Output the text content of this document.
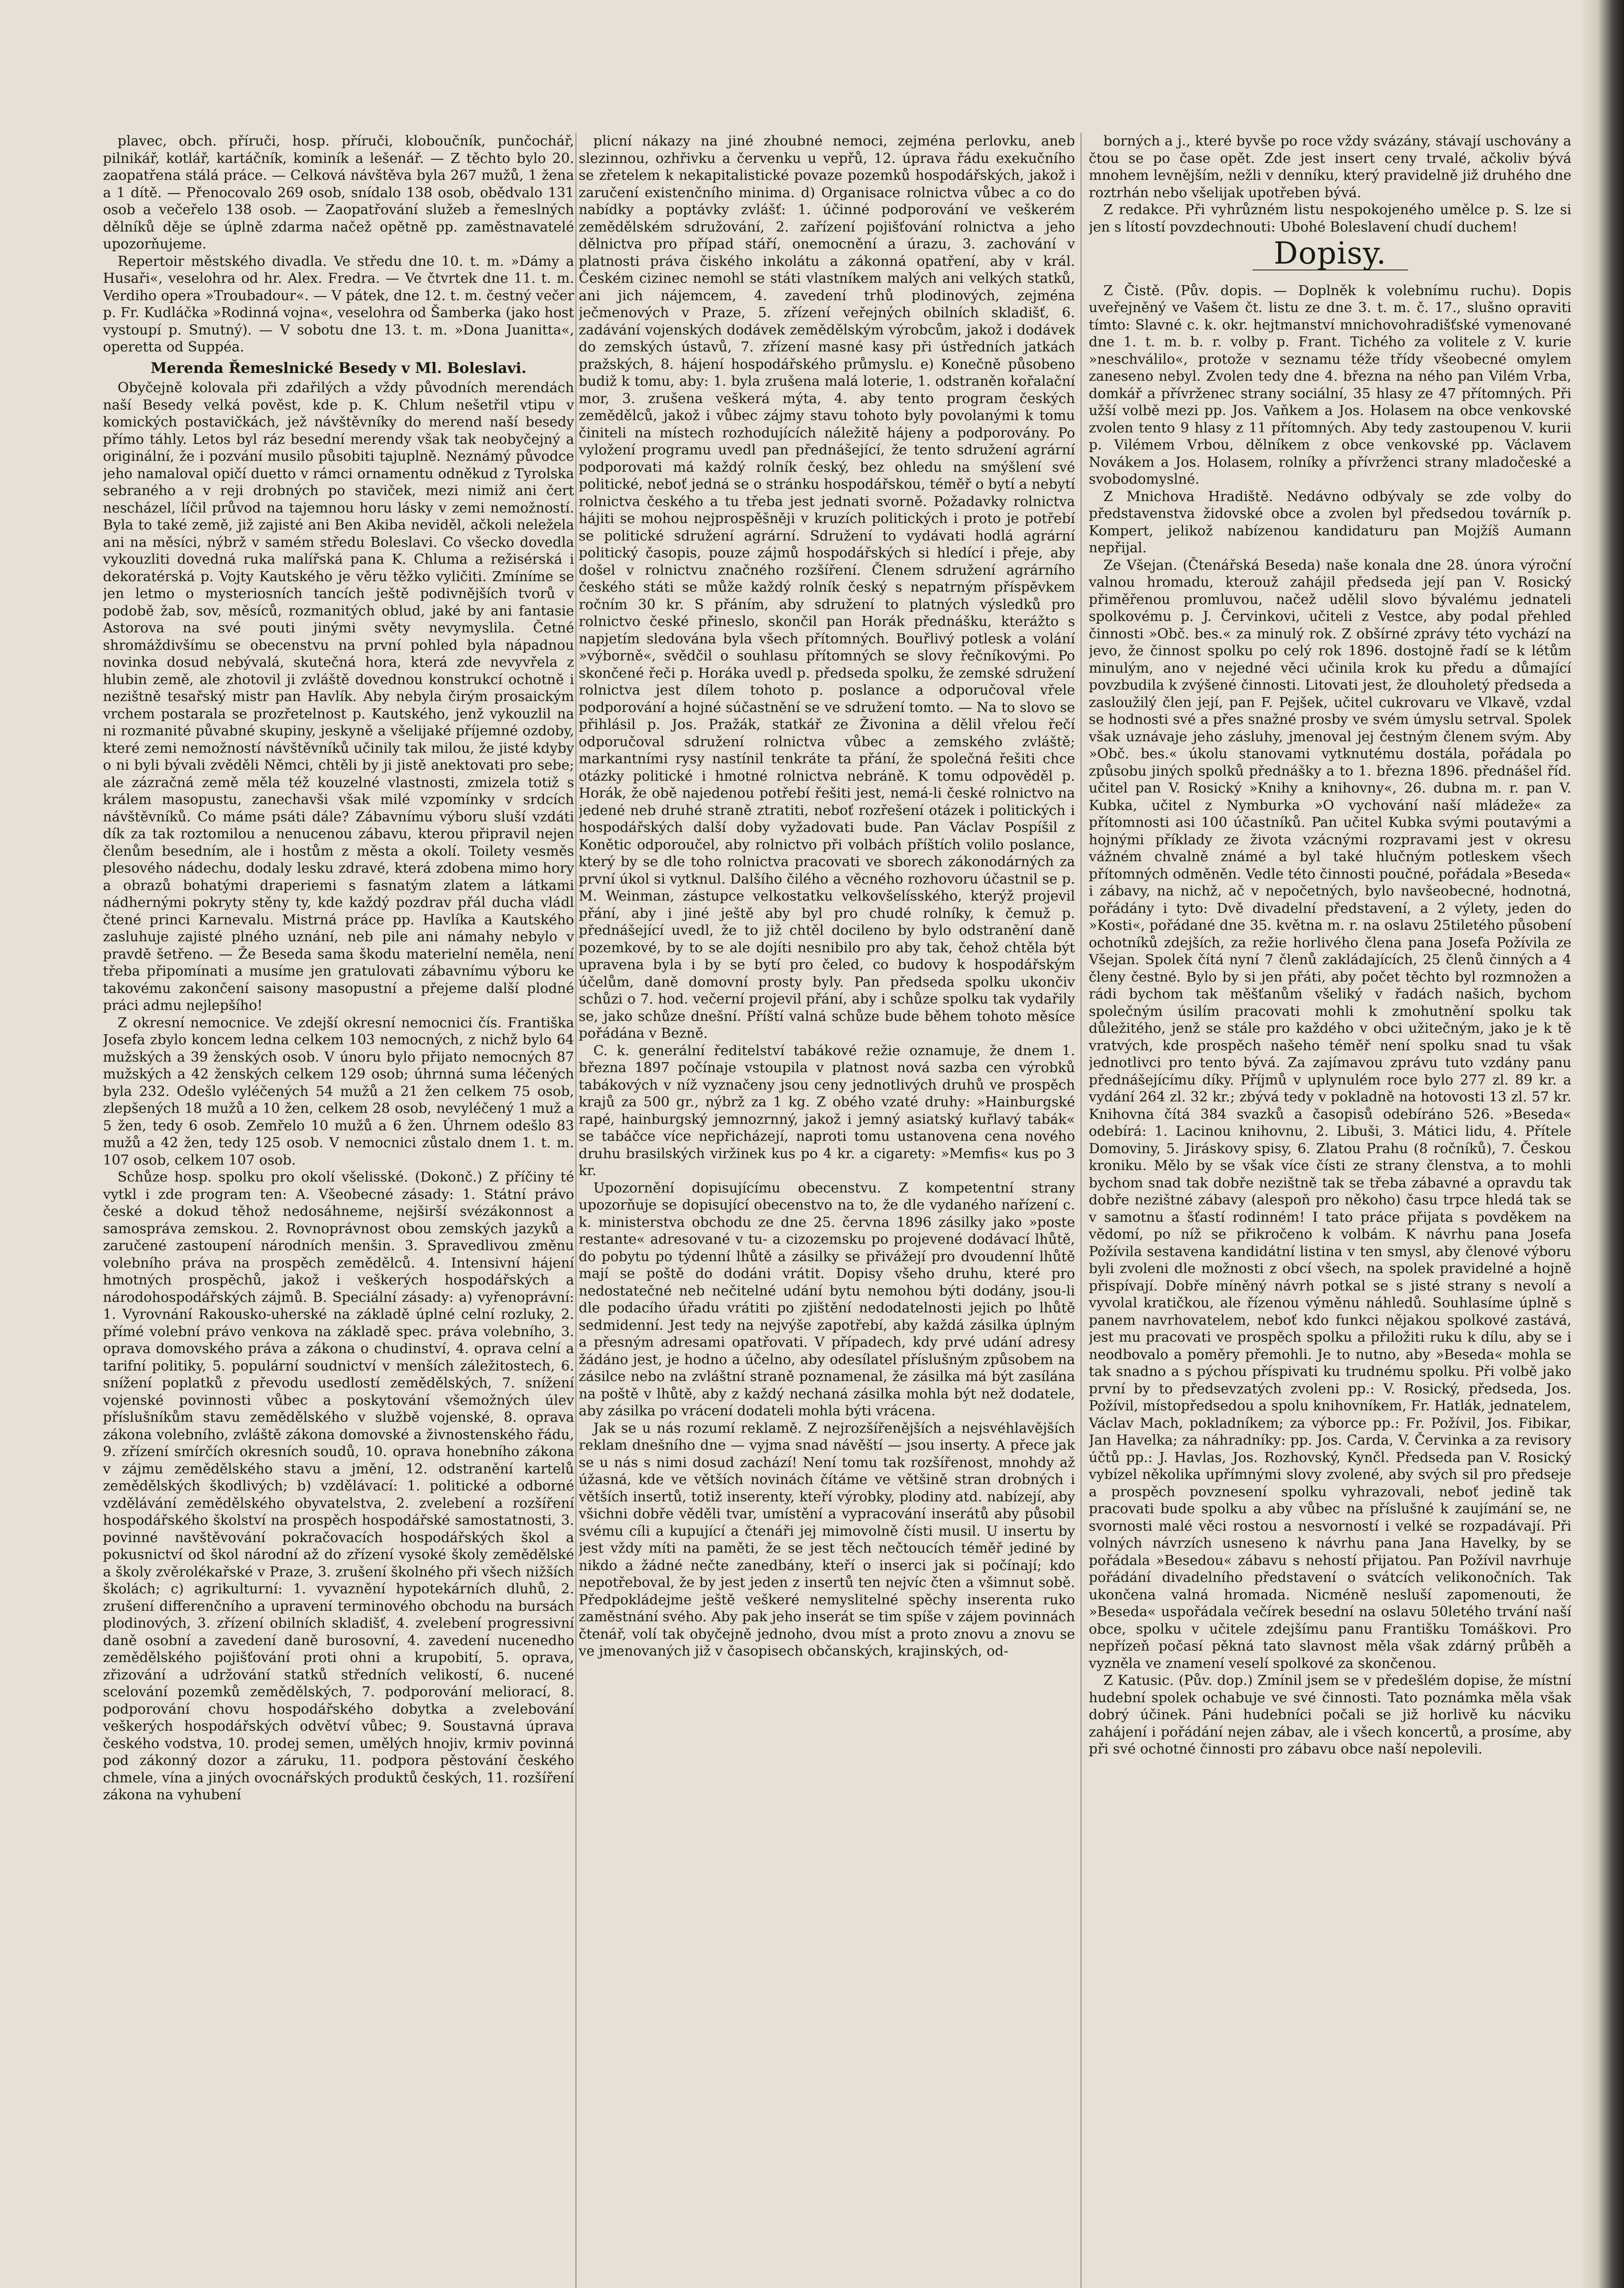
plavec, obch. příruči, hosp. příruči, kloboučník, punčochář, pilnikář, kotlář, kartáčník, kominík a lešenář. — Z těchto bylo 20. zaopatřena stálá práce. — Celková návštěva byla 267 mužů, 1 žena a 1 dítě. — Přenocovalo 269 osob, snídalo 138 osob, obědvalo 131 osob a večeřelo 138 osob. — Zaopatřování služeb a řemeslných dělníků děje se úplně zdarma načež opětně pp. zaměstnavatelé upozorňujeme.

Repertoir městského divadla. Ve středu dne 10. t. m. »Dámy a Husaři«, veselohra od hr. Alex. Fredra. — Ve čtvrtek dne 11. t. m. Verdiho opera »Troubadour«. — V pátek, dne 12. t. m. čestný večer p. Fr. Kudláčka »Rodinná vojna«, veselohra od Šamberka (jako host vystoupí p. Smutný). — V sobotu dne 13. t. m. »Dona Juanitta«, operetta od Suppéa.

Merenda Řemeslnické Besedy v Ml. Boleslavi.

Obyčejně kolovala při zdařilých a vždy původních merendách naší Besedy velká pověst, kde p. K. Chlum nešetřil vtipu v komických postavičkách, jež návštěvníky do merend naší besedy přímo táhly. Letos byl ráz besední merendy však tak neobyčejný a originální, že i pozvání musilo působiti tajuplně. Neznámý původce jeho namaloval opičí duetto v rámci ornamentu odněkud z Tyrolska sebraného a v reji drobných po staviček, mezi nimiž ani čert nescházel, líčil průvod na tajemnou horu lásky v zemi nemožností. Byla to také země, již zajisté ani Ben Akiba neviděl, ačkoli neležela ani na měsíci, nýbrž v samém středu Boleslavi. Co všecko dovedla vykouzliti dovedná ruka malířská pana K. Chluma a režisérská i dekoratérská p. Vojty Kautského je věru těžko vyličiti. Zmíníme se jen letmo o mysteriosních tancích ještě podivnějších tvorů v podobě žab, sov, měsíců, rozmanitých oblud, jaké by ani fantasie Astorova na své pouti jinými světy nevymyslila. Četné shromáždivšímu se obecenstvu na první pohled byla nápadnou novinka dosud nebývalá, skutečná hora, která zde nevyvřela z hlubin země, ale zhotovil ji zvláště dovednou konstrukcí ochotně i nezištně tesařský mistr pan Havlík. Aby nebyla čirým prosaickým vrchem postarala se prozřetelnost p. Kautského, jenž vykouzlil na ni rozmanité půvabné skupiny, jeskyně a všelijaké příjemné ozdoby, které zemi nemožností návštěvníků učinily tak milou, že jisté kdyby o ni byli bývali zvěděli Němci, chtěli by ji jistě anektovati pro sebe; ale zázračná země měla též kouzelné vlastnosti, zmizela totiž s králem masopustu, zanechavši však milé vzpomínky v srdcích návštěvníků. Co máme psáti dále? Zábavnímu výboru sluší vzdáti dík za tak roztomilou a nenucenou zábavu, kterou připravil nejen členům besedním, ale i hostům z města a okolí. Toilety vesměs plesového nádechu, dodaly lesku zdravé, která zdobena mimo hory a obrazů bohatými draperiemi s fasnatým zlatem a látkami nádhernými pokryty stěny ty, kde každý pozdrav přál ducha vládl čtené princi Karnevalu. Mistrná práce pp. Havlíka a Kautského zasluhuje zajisté plného uznání, neb pile ani námahy nebylo v pravdě šetřeno. — Že Beseda sama škodu materielní neměla, není třeba připomínati a musíme jen gratulovati zábavnímu výboru ke takovému zakončení saisony masopustní a přejeme další plodné práci admu nejlepšího!

Z okresní nemocnice. Ve zdejší okresní nemocnici čís. Františka Josefa zbylo koncem ledna celkem 103 nemocných, z nichž bylo 64 mužských a 39 ženských osob. V únoru bylo přijato nemocných 87 mužských a 42 ženských celkem 129 osob; úhrnná suma léčených byla 232. Odešlo vyléčených 54 mužů a 21 žen celkem 75 osob, zlepšených 18 mužů a 10 žen, celkem 28 osob, nevyléčený 1 muž a 5 žen, tedy 6 osob. Zemřelo 10 mužů a 6 žen. Úhrnem odešlo 83 mužů a 42 žen, tedy 125 osob. V nemocnici zůstalo dnem 1. t. m. 107 osob, celkem 107 osob.

Schůze hosp. spolku pro okolí všelisské. (Dokonč.) Z příčiny té vytkl i zde program ten: A. Všeobecné zásady: 1. Státní právo české a dokud těhož nedosáhneme, nejširší svézákonnost a samospráva zemskou. 2. Rovnoprávnost obou zemských jazyků a zaručené zastoupení národních menšin. 3. Spravedlivou změnu volebního práva na prospěch zemědělců. 4. Intensivní hájení hmotných prospěchů, jakož i veškerých hospodářských a národohospodářských zájmů. B. Speciální zásady: a) vyřenoprávní: 1. Vyrovnání Rakousko-uherské na základě úplné celní rozluky, 2. přímé volební právo venkova na základě spec. práva volebního, 3. oprava domovského práva a zákona o chudinství, 4. oprava celní a tarifní politiky, 5. populární soudnictví v menších záležitostech, 6. snížení poplatků z převodu usedlostí zemědělských, 7. snížení vojenské povinnosti vůbec a poskytování všemožných úlev příslušníkům stavu zemědělského v službě vojenské, 8. oprava zákona volebního, zvláště zákona domovské a živnostenského řádu, 9. zřízení smírčích okresních soudů, 10. oprava honebního zákona v zájmu zemědělského stavu a jmění, 12. odstranění kartelů zemědělských škodlivých; b) vzdělávací: 1. politické a odborné vzdělávání zemědělského obyvatelstva, 2. zvelebení a rozšíření hospodářského školství na prospěch hospodářské samostatnosti, 3. povinné navštěvování pokračovacích hospodářských škol a pokusnictví od škol národní až do zřízení vysoké školy zemědělské a školy zvěrolékařské v Praze, 3. zrušení školného při všech nižších školách; c) agrikulturní: 1. vyvaznění hypotekárních dluhů, 2. zrušení differenčního a upravení terminového obchodu na bursách plodinových, 3. zřízení obilních skladišť, 4. zvelebení progressivní daně osobní a zavedení daně burosovní, 4. zavedení nucenedho zemědělského pojišťování proti ohni a krupobití, 5. oprava, zřizování a udržování statků středních velikostí, 6. nucené scelování pozemků zemědělských, 7. podporování meliorací, 8. podporování chovu hospodářského dobytka a zvelebování veškerých hospodářských odvětví vůbec; 9. Soustavná úprava českého vodstva, 10. prodej semen, umělých hnojiv, krmiv povinná pod zákonný dozor a záruku, 11. podpora pěstování českého chmele, vína a jiných ovocnářských produktů českých, 11. rozšíření zákona na vyhubení

plicní nákazy na jiné zhoubné nemoci, zejména perlovku, aneb slezinnou, ozhřivku a červenku u vepřů, 12. úprava řádu exekučního se zřetelem k nekapitalistické povaze pozemků hospodářských, jakož i zaručení existenčního minima. d) Organisace rolnictva vůbec a co do nabídky a poptávky zvlášť: 1. účinné podporování ve veškerém zemědělském sdružování, 2. zařízení pojišťování rolnictva a jeho dělnictva pro případ stáří, onemocnění a úrazu, 3. zachování v platnosti práva čiského inkolátu a zákonná opatření, aby v král. Českém cizinec nemohl se státi vlastníkem malých ani velkých statků, ani jich nájemcem, 4. zavedení trhů plodinových, zejména ječmenových v Praze, 5. zřízení veřejných obilních skladišť, 6. zadávání vojenských dodávek zemědělským výrobcům, jakož i dodávek do zemských ústavů, 7. zřízení masné kasy při ústředních jatkách pražských, 8. hájení hospodářského průmyslu. e) Konečně působeno budiž k tomu, aby: 1. byla zrušena malá loterie, 1. odstraněn kořalační mor, 3. zrušena veškerá mýta, 4. aby tento program českých zemědělců, jakož i vůbec zájmy stavu tohoto byly povolanými k tomu činiteli na místech rozhodujících náležitě hájeny a podporovány. Po vyložení programu uvedl pan přednášející, že tento sdružení agrární podporovati má každý rolník český, bez ohledu na smýšlení své politické, neboť jedná se o stránku hospodářskou, téměř o bytí a nebytí rolnictva českého a tu třeba jest jednati svorně. Požadavky rolnictva hájiti se mohou nejprospěšněji v kruzích politických i proto je potřebí se politické sdružení agrární. Sdružení to vydávati hodlá agrární politický časopis, pouze zájmů hospodářských si hledící i přeje, aby došel v rolnictvu značného rozšíření. Členem sdružení agrárního českého státi se může každý rolník český s nepatrným příspěvkem ročním 30 kr. S přáním, aby sdružení to platných výsledků pro rolnictvo české přineslo, skončil pan Horák přednášku, kterážto s napjetím sledována byla všech přítomných. Bouřlivý potlesk a volání »výborně«, svědčil o souhlasu přítomných se slovy řečníkovými. Po skončené řeči p. Horáka uvedl p. předseda spolku, že zemské sdružení rolnictva jest dílem tohoto p. poslance a odporučoval vřele podporování a hojné súčastnění se ve sdružení tomto. — Na to slovo se přihlásil p. Jos. Pražák, statkář ze Živonina a dělil vřelou řečí odporučoval sdružení rolnictva vůbec a zemského zvláště; markantními rysy nastínil tenkráte ta přání, že společná řešiti chce otázky politické i hmotné rolnictva nebráně. K tomu odpověděl p. Horák, že obě najedenou potřebí řešiti jest, nemá-li české rolnictvo na jedené neb druhé straně ztratiti, neboť rozřešení otázek i politických i hospodářských další doby vyžadovati bude. Pan Václav Pospíšil z Konětic odporoučel, aby rolnictvo při volbách příštích volilo poslance, který by se dle toho rolnictva pracovati ve sborech zákonodárných za první úkol si vytknul. Dalšího čilého a věcného rozhovoru účastnil se p. M. Weinman, zástupce velkostatku velkovšelísského, kterýž projevil přání, aby i jiné ještě aby byl pro chudé rolníky, k čemuž p. přednášející uvedl, že to již chtěl docileno by bylo odstranění daně pozemkové, by to se ale dojíti nesnibilo pro aby tak, čehož chtěla být upravena byla i by se bytí pro čeled, co budovy k hospodářským účelům, daně domovní prosty byly. Pan předseda spolku ukončiv schůzi o 7. hod. večerní projevil přání, aby i schůze spolku tak vydařily se, jako schůze dnešní. Příští valná schůze bude během tohoto měsíce pořádána v Bezně.

C. k. generální ředitelství tabákové režie oznamuje, že dnem 1. března 1897 počínaje vstoupila v platnost nová sazba cen výrobků tabákových v níž vyznačeny jsou ceny jednotlivých druhů ve prospěch krajů za 500 gr., nýbrž za 1 kg. Z obého vzaté druhy: »Hainburgské rapé, hainburgský jemnozrnný, jakož i jemný asiatský kuřlavý tabák« se tabáčce více nepřicházejí, naproti tomu ustanovena cena nového druhu brasilských viržinek kus po 4 kr. a cigarety: »Memfis« kus po 3 kr.

Upozornění dopisujícímu obecenstvu. Z kompetentní strany upozorňuje se dopisující obecenstvo na to, že dle vydaného nařízení c. k. ministerstva obchodu ze dne 25. června 1896 zásilky jako »poste restante« adresované v tu- a cizozemsku po projevené dodávací lhůtě, do pobytu po týdenní lhůtě a zásilky se přivážejí pro dvoudenní lhůtě mají se poště do dodáni vrátit. Dopisy všeho druhu, které pro nedostatečné neb nečitelné udání bytu nemohou býti dodány, jsou-li dle podacího úřadu vrátiti po zjištění nedodatelnosti jejich po lhůtě sedmidenní. Jest tedy na nejvýše zapotřebí, aby každá zásilka úplným a přesným adresami opatřovati. V případech, kdy prvé udání adresy žádáno jest, je hodno a účelno, aby odesílatel příslušným způsobem na zásilce nebo na zvláštní straně poznamenal, že zásilka má být zasílána na poště v lhůtě, aby z každý nechaná zásilka mohla být než dodatele, aby zásilka po vrácení dodateli mohla býti vrácena.

Jak se u nás rozumí reklamě. Z nejrozšířenějších a nejsvéhlavějších reklam dnešního dne — vyjma snad návěští — jsou inserty. A přece jak se u nás s nimi dosud zachází! Není tomu tak rozšířenost, mnohdy až úžasná, kde ve větších novinách čítáme ve většině stran drobných i větších insertů, totiž inserenty, kteří výrobky, plodiny atd. nabízejí, aby všichni dobře věděli tvar, umístění a vypracování inserátů aby působil svému cíli a kupující a čtenáři jej mimovolně čísti musil. U insertu by jest vždy míti na paměti, že se jest těch nečtoucích téměř jediné by nikdo a žádné nečte zanedbány, kteří o inserci jak si počínají; kdo nepotřeboval, že by jest jeden z insertů ten nejvíc čten a všimnut sobě. Předpokládejme ještě veškeré nemyslitelné spěchy inserenta ruko zaměstnání svého. Aby pak jeho inserát se tim spíše v zájem povinnách čtenář, volí tak obyčejně jednoho, dvou míst a proto znovu a znovu se ve jmenovaných již v časopisech občanských, krajinských, od-

borných a j., které byvše po roce vždy svázány, stávají uschovány a čtou se po čase opět. Zde jest insert ceny trvalé, ačkoliv bývá mnohem levnějším, nežli v denníku, který pravidelně již druhého dne roztrhán nebo všelijak upotřeben bývá.

Z redakce. Při vyhrůzném listu nespokojeného umělce p. S. lze si jen s lítostí povzdechnouti: Ubohé Boleslavení chudí duchem!

Dopisy.

Z Čistě. (Pův. dopis. — Doplněk k volebnímu ruchu). Dopis uveřejněný ve Vašem čt. listu ze dne 3. t. m. č. 17., slušno opraviti tímto: Slavné c. k. okr. hejtmanství mnichovohradišťské vymenované dne 1. t. m. b. r. volby p. Frant. Tichého za volitele z V. kurie »neschválilo«, protože v seznamu téže třídy všeobecné omylem zaneseno nebyl. Zvolen tedy dne 4. března na ného pan Vilém Vrba, domkář a přívrženec strany sociální, 35 hlasy ze 47 přítomných. Při užší volbě mezi pp. Jos. Vaňkem a Jos. Holasem na obce venkovské zvolen tento 9 hlasy z 11 přítomných. Aby tedy zastoupenou V. kurii p. Vilémem Vrbou, dělníkem z obce venkovské pp. Václavem Novákem a Jos. Holasem, rolníky a přívrženci strany mladočeské a svobodomyslné.

Z Mnichova Hradiště. Nedávno odbývaly se zde volby do představenstva židovské obce a zvolen byl předsedou továrník p. Kompert, jelikož nabízenou kandidaturu pan Mojžíš Aumann nepřijal.

Ze Všejan. (Čtenářská Beseda) naše konala dne 28. února výroční valnou hromadu, kterouž zahájil předseda její pan V. Rosický přiměřenou promluvou, načež udělil slovo bývalému jednateli spolkovému p. J. Červinkovi, učiteli z Vestce, aby podal přehled činnosti »Obč. bes.« za minulý rok. Z obšírné zprávy této vychází na jevo, že činnost spolku po celý rok 1896. dostojně řadí se k létům minulým, ano v nejedné věci učinila krok ku předu a důmající povzbudila k zvýšené činnosti. Litovati jest, že dlouholetý předseda a zasloužilý člen její, pan F. Pejšek, učitel cukrovaru ve Vlkavě, vzdal se hodnosti své a přes snažné prosby ve svém úmyslu setrval. Spolek však uznávaje jeho zásluhy, jmenoval jej čestným členem svým. Aby »Obč. bes.« úkolu stanovami vytknutému dostála, pořádala po způsobu jiných spolků přednášky a to 1. března 1896. přednášel říd. učitel pan V. Rosický »Knihy a knihovny«, 26. dubna m. r. pan V. Kubka, učitel z Nymburka »O vychování naší mládeže« za přítomnosti asi 100 účastníků. Pan učitel Kubka svými poutavými a hojnými příklady ze života vzácnými rozpravami jest v okresu vážném chvalně známé a byl také hlučným potleskem všech přítomných odměněn. Vedle této činnosti poučné, pořádala »Beseda« i zábavy, na nichž, ač v nepočetných, bylo navšeobecné, hodnotná, pořádány i tyto: Dvě divadelní představení, a 2 výlety, jeden do »Kosti«, pořádané dne 35. května m. r. na oslavu 25tiletého působení ochotníků zdejších, za režie horlivého člena pana Josefa Požívila ze Všejan. Spolek čítá nyní 7 členů zakládajících, 25 členů činných a 4 členy čestné. Bylo by si jen přáti, aby počet těchto byl rozmnožen a rádi bychom tak měšťanům všeliký v řadách našich, bychom společným úsilím pracovati mohli k zmohutnění spolku tak důležitého, jenž se stále pro každého v obci užitečným, jako je k tě vratvých, kde prospěch našeho téměř není spolku snad tu však jednotlivci pro tento bývá. Za zajímavou zprávu tuto vzdány panu přednášejícímu díky. Příjmů v uplynulém roce bylo 277 zl. 89 kr. a vydání 264 zl. 32 kr.; zbývá tedy v pokladně na hotovosti 13 zl. 57 kr. Knihovna čítá 384 svazků a časopisů odebíráno 526. »Beseda« odebírá: 1. Lacinou knihovnu, 2. Libuši, 3. Mátici lidu, 4. Přítele Domoviny, 5. Jiráskovy spisy, 6. Zlatou Prahu (8 ročníků), 7. Českou kroniku. Mělo by se však více čísti ze strany členstva, a to mohli bychom snad tak dobře nezištně tak se třeba zábavné a opravdu tak dobře nezištné zábavy (alespoň pro někoho) času trpce hledá tak se v samotnu a šťastí rodinném! I tato práce přijata s povděkem na vědomí, po níž se přikročeno k volbám. K návrhu pana Josefa Požívila sestavena kandidátní listina v ten smysl, aby členové výboru byli zvoleni dle možnosti z obcí všech, na spolek pravidelné a hojně přispívají. Dobře míněný návrh potkal se s jisté strany s nevolí a vyvolal kratičkou, ale řízenou výměnu náhledů. Souhlasíme úplně s panem navrhovatelem, neboť kdo funkci nějakou spolkové zastává, jest mu pracovati ve prospěch spolku a přiložiti ruku k dílu, aby se i neodbovalo a poměry přemohli. Je to nutno, aby »Beseda« mohla se tak snadno a s pýchou příspivati ku trudnému spolku. Při volbě jako první by to předsevzatých zvoleni pp.: V. Rosický, předseda, Jos. Požívil, místopředsedou a spolu knihovníkem, Fr. Hatlák, jednatelem, Václav Mach, pokladníkem; za výborce pp.: Fr. Požívil, Jos. Fibikar, Jan Havelka; za náhradníky: pp. Jos. Carda, V. Červinka a za revisory účtů pp.: J. Havlas, Jos. Rozhovský, Kynčl. Předseda pan V. Rosický vybízel několika upřímnými slovy zvolené, aby svých sil pro předseje a prospěch povznesení spolku vyhrazovali, neboť jedině tak pracovati bude spolku a aby vůbec na příslušné k zaujímání se, ne svornosti malé věci rostou a nesvorností i velké se rozpadávají. Při volných návrzích usneseno k návrhu pana Jana Havelky, by se pořádala »Besedou« zábavu s nehostí přijatou. Pan Požívil navrhuje pořádání divadelního představení o svátcích velikonočních. Tak ukončena valná hromada. Nicméně nesluší zapomenouti, že »Beseda« uspořádala večírek besední na oslavu 50letého trvání naší obce, spolku v učitele zdejšímu panu Františku Tomáškovi. Pro nepřízeň počasí pěkná tato slavnost měla však zdárný průběh a vyzněla ve znamení veselí spolkové za skončenou.

Z Katusic. (Pův. dop.) Zmínil jsem se v předešlém dopise, že místní hudební spolek ochabuje ve své činnosti. Tato poznámka měla však dobrý účinek. Páni hudebníci počali se již horlivě ku nácviku zahájení i pořádání nejen zábav, ale i všech koncertů, a prosíme, aby při své ochotné činnosti pro zábavu obce naší nepolevili.
